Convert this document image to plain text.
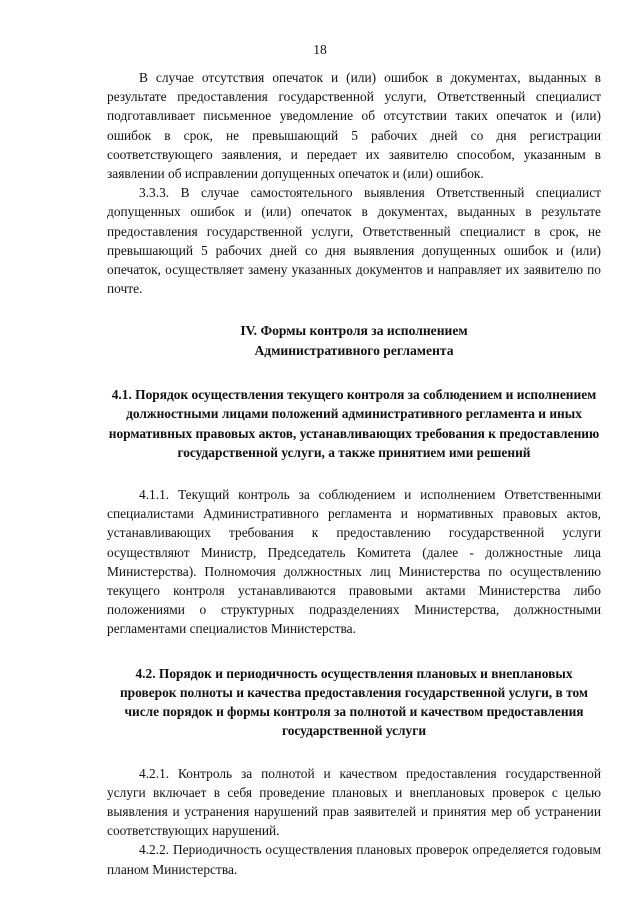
18

В случае отсутствия опечаток и (или) ошибок в документах, выданных в результате предоставления государственной услуги, Ответственный специалист подготавливает письменное уведомление об отсутствии таких опечаток и (или) ошибок в срок, не превышающий 5 рабочих дней со дня регистрации соответствующего заявления, и передает их заявителю способом, указанным в заявлении об исправлении допущенных опечаток и (или) ошибок.

3.3.3. В случае самостоятельного выявления Ответственный специалист допущенных ошибок и (или) опечаток в документах, выданных в результате предоставления государственной услуги, Ответственный специалист в срок, не превышающий 5 рабочих дней со дня выявления допущенных ошибок и (или) опечаток, осуществляет замену указанных документов и направляет их заявителю по почте.

IV. Формы контроля за исполнением
Административного регламента
4.1. Порядок осуществления текущего контроля за соблюдением и исполнением должностными лицами положений административного регламента и иных нормативных правовых актов, устанавливающих требования к предоставлению государственной услуги, а также принятием ими решений

4.1.1. Текущий контроль за соблюдением и исполнением Ответственными специалистами Административного регламента и нормативных правовых актов, устанавливающих требования к предоставлению государственной услуги осуществляют Министр, Председатель Комитета (далее - должностные лица Министерства). Полномочия должностных лиц Министерства по осуществлению текущего контроля устанавливаются правовыми актами Министерства либо положениями о структурных подразделениях Министерства, должностными регламентами специалистов Министерства.

4.2. Порядок и периодичность осуществления плановых и внеплановых проверок полноты и качества предоставления государственной услуги, в том числе порядок и формы контроля за полнотой и качеством предоставления государственной услуги

4.2.1. Контроль за полнотой и качеством предоставления государственной услуги включает в себя проведение плановых и внеплановых проверок с целью выявления и устранения нарушений прав заявителей и принятия мер об устранении соответствующих нарушений.

4.2.2. Периодичность осуществления плановых проверок определяется годовым планом Министерства.
